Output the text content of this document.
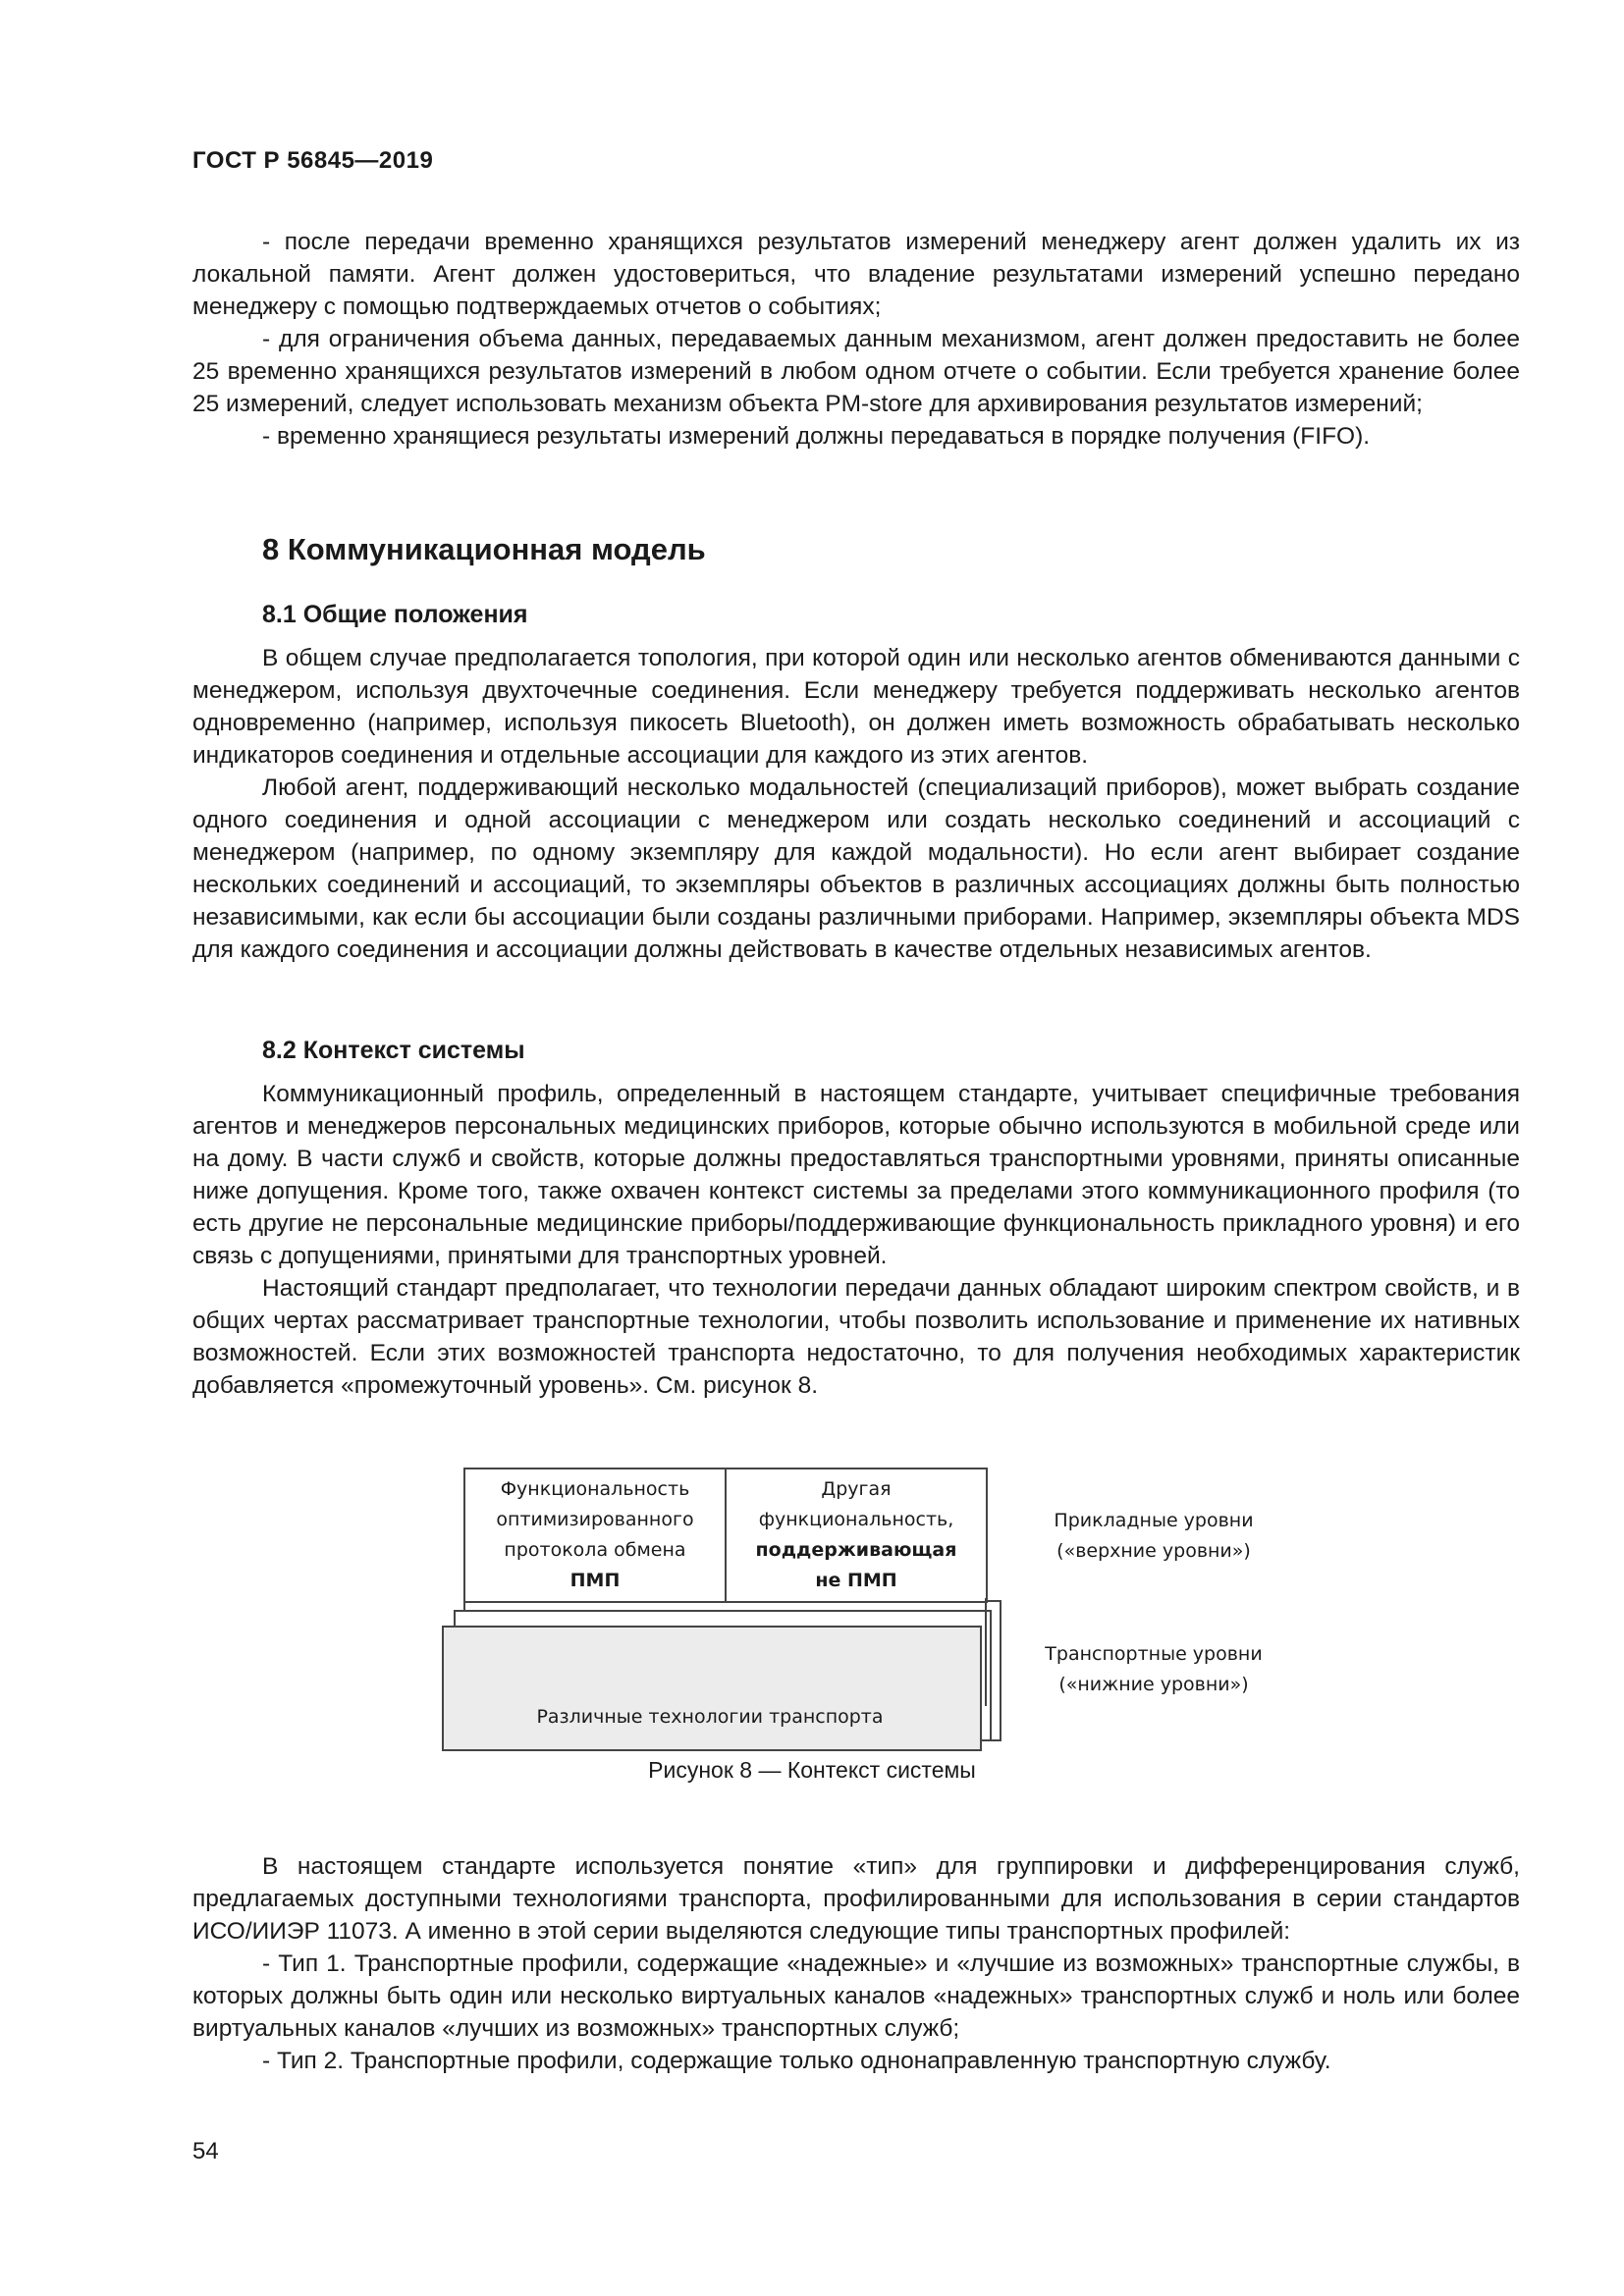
ГОСТ Р 56845—2019

- после передачи временно хранящихся результатов измерений менеджеру агент должен удалить их из локальной памяти. Агент должен удостовериться, что владение результатами измерений успешно передано менеджеру с помощью подтверждаемых отчетов о событиях;

- для ограничения объема данных, передаваемых данным механизмом, агент должен предоставить не более 25 временно хранящихся результатов измерений в любом одном отчете о событии. Если требуется хранение более 25 измерений, следует использовать механизм объекта PM-store для архивирования результатов измерений;

- временно хранящиеся результаты измерений должны передаваться в порядке получения (FIFO).

8 Коммуникационная модель
8.1 Общие положения

В общем случае предполагается топология, при которой один или несколько агентов обмениваются данными с менеджером, используя двухточечные соединения. Если менеджеру требуется поддерживать несколько агентов одновременно (например, используя пикосеть Bluetooth), он должен иметь возможность обрабатывать несколько индикаторов соединения и отдельные ассоциации для каждого из этих агентов.

Любой агент, поддерживающий несколько модальностей (специализаций приборов), может выбрать создание одного соединения и одной ассоциации с менеджером или создать несколько соединений и ассоциаций с менеджером (например, по одному экземпляру для каждой модальности). Но если агент выбирает создание нескольких соединений и ассоциаций, то экземпляры объектов в различных ассоциациях должны быть полностью независимыми, как если бы ассоциации были созданы различными приборами. Например, экземпляры объекта MDS для каждого соединения и ассоциации должны действовать в качестве отдельных независимых агентов.

8.2 Контекст системы

Коммуникационный профиль, определенный в настоящем стандарте, учитывает специфичные требования агентов и менеджеров персональных медицинских приборов, которые обычно используются в мобильной среде или на дому. В части служб и свойств, которые должны предоставляться транспортными уровнями, приняты описанные ниже допущения. Кроме того, также охвачен контекст системы за пределами этого коммуникационного профиля (то есть другие не персональные медицинские приборы/поддерживающие функциональность прикладного уровня) и его связь с допущениями, принятыми для транспортных уровней.

Настоящий стандарт предполагает, что технологии передачи данных обладают широким спектром свойств, и в общих чертах рассматривает транспортные технологии, чтобы позволить использование и применение их нативных возможностей. Если этих возможностей транспорта недостаточно, то для получения необходимых характеристик добавляется «промежуточный уровень». См. рисунок 8.

Различные технологии транспорта
Функциональность
оптимизированного
протокола обмена
ПМП
Другая
функциональность,
поддерживающая
не ПМП
Прикладные уровни
(«верхние уровни»)
Транспортные уровни
(«нижние уровни»)
Рисунок 8 — Контекст системы

В настоящем стандарте используется понятие «тип» для группировки и дифференцирования служб, предлагаемых доступными технологиями транспорта, профилированными для использования в серии стандартов ИСО/ИИЭР 11073. А именно в этой серии выделяются следующие типы транспортных профилей:

- Тип 1. Транспортные профили, содержащие «надежные» и «лучшие из возможных» транспортные службы, в которых должны быть один или несколько виртуальных каналов «надежных» транспортных служб и ноль или более виртуальных каналов «лучших из возможных» транспортных служб;

- Тип 2. Транспортные профили, содержащие только однонаправленную транспортную службу.

54
